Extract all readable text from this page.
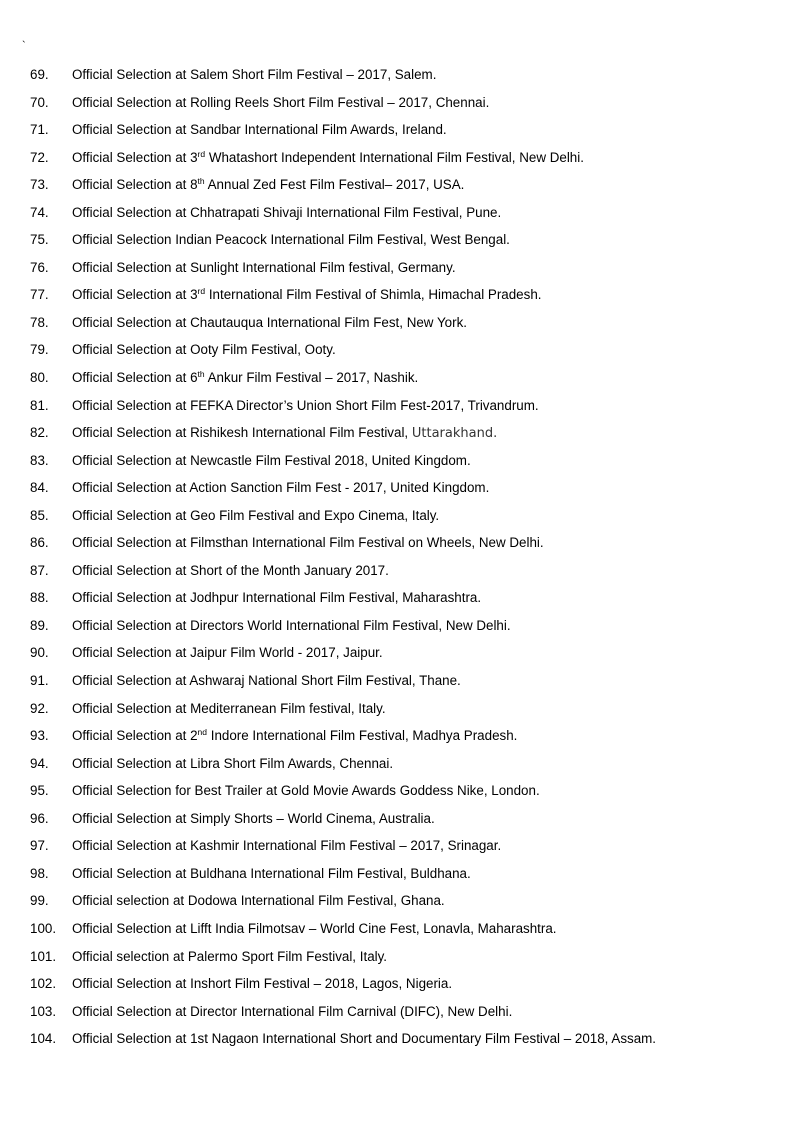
`
69. Official Selection at Salem Short Film Festival – 2017, Salem.
70. Official Selection at Rolling Reels Short Film Festival – 2017, Chennai.
71. Official Selection at Sandbar International Film Awards, Ireland.
72. Official Selection at 3rd Whatashort Independent International Film Festival, New Delhi.
73. Official Selection at 8th Annual Zed Fest Film Festival– 2017, USA.
74. Official Selection at Chhatrapati Shivaji International Film Festival, Pune.
75. Official Selection Indian Peacock International Film Festival, West Bengal.
76. Official Selection at Sunlight International Film festival, Germany.
77. Official Selection at 3rd International Film Festival of Shimla, Himachal Pradesh.
78. Official Selection at Chautauqua International Film Fest, New York.
79. Official Selection at Ooty Film Festival, Ooty.
80. Official Selection at 6th Ankur Film Festival – 2017, Nashik.
81. Official Selection at FEFKA Director’s Union Short Film Fest-2017, Trivandrum.
82. Official Selection at Rishikesh International Film Festival, Uttarakhand.
83. Official Selection at Newcastle Film Festival 2018, United Kingdom.
84. Official Selection at Action Sanction Film Fest - 2017, United Kingdom.
85. Official Selection at Geo Film Festival and Expo Cinema, Italy.
86. Official Selection at Filmsthan International Film Festival on Wheels, New Delhi.
87. Official Selection at Short of the Month January 2017.
88. Official Selection at Jodhpur International Film Festival, Maharashtra.
89. Official Selection at Directors World International Film Festival, New Delhi.
90. Official Selection at Jaipur Film World - 2017, Jaipur.
91. Official Selection at Ashwaraj National Short Film Festival, Thane.
92. Official Selection at Mediterranean Film festival, Italy.
93. Official Selection at 2nd Indore International Film Festival, Madhya Pradesh.
94. Official Selection at Libra Short Film Awards, Chennai.
95. Official Selection for Best Trailer at Gold Movie Awards Goddess Nike, London.
96. Official Selection at Simply Shorts – World Cinema, Australia.
97. Official Selection at Kashmir International Film Festival – 2017, Srinagar.
98. Official Selection at Buldhana International Film Festival, Buldhana.
99. Official selection at Dodowa International Film Festival, Ghana.
100. Official Selection at Lifft India Filmotsav – World Cine Fest, Lonavla, Maharashtra.
101. Official selection at Palermo Sport Film Festival, Italy.
102. Official Selection at Inshort Film Festival – 2018, Lagos, Nigeria.
103. Official Selection at Director International Film Carnival (DIFC), New Delhi.
104. Official Selection at 1st Nagaon International Short and Documentary Film Festival – 2018, Assam.
